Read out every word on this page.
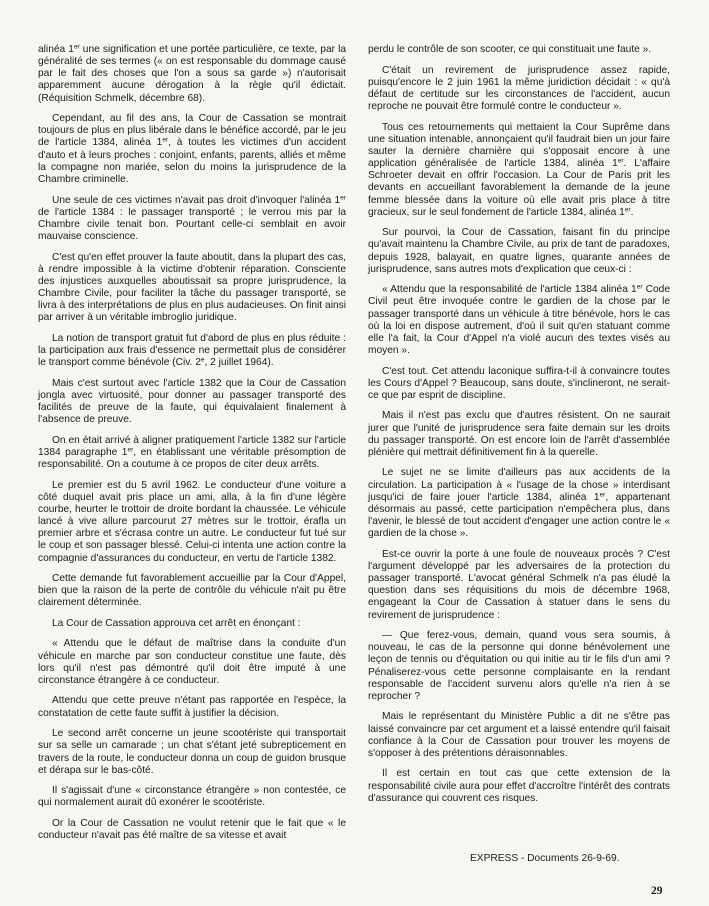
alinéa 1er une signification et une portée particulière, ce texte, par la généralité de ses termes (« on est responsable du dommage causé par le fait des choses que l'on a sous sa garde ») n'autorisait apparemment aucune dérogation à la règle qu'il édictait. (Réquisition Schmelk, décembre 68).

Cependant, au fil des ans, la Cour de Cassation se montrait toujours de plus en plus libérale dans le bénéfice accordé, par le jeu de l'article 1384, alinéa 1er, à toutes les victimes d'un accident d'auto et à leurs proches : conjoint, enfants, parents, alliés et même la compagne non mariée, selon du moins la jurisprudence de la Chambre criminelle.

Une seule de ces victimes n'avait pas droit d'invoquer l'alinéa 1er de l'article 1384 : le passager transporté ; le verrou mis par la Chambre civile tenait bon. Pourtant celle-ci semblait en avoir mauvaise conscience.

C'est qu'en effet prouver la faute aboutit, dans la plupart des cas, à rendre impossible à la victime d'obtenir réparation. Consciente des injustices auxquelles aboutissait sa propre jurisprudence, la Chambre Civile, pour faciliter la tâche du passager transporté, se livra à des interprétations de plus en plus audacieuses. On finit ainsi par arriver à un véritable imbroglio juridique.

La notion de transport gratuit fut d'abord de plus en plus réduite : la participation aux frais d'essence ne permettait plus de considérer le transport comme bénévole (Civ. 2e, 2 juillet 1964).

Mais c'est surtout avec l'article 1382 que la Cour de Cassation jongla avec virtuosité, pour donner au passager transporté des facilités de preuve de la faute, qui équivalaient finalement à l'absence de preuve.

On en était arrivé à aligner pratiquement l'article 1382 sur l'article 1384 paragraphe 1er, en établissant une véritable présomption de responsabilité. On a coutume à ce propos de citer deux arrêts.

Le premier est du 5 avril 1962. Le conducteur d'une voiture a côté duquel avait pris place un ami, alla, à la fin d'une légère courbe, heurter le trottoir de droite bordant la chaussée. Le véhicule lancé à vive allure parcourut 27 mètres sur le trottoir, érafla un premier arbre et s'écrasa contre un autre. Le conducteur fut tué sur le coup et son passager blessé. Celui-ci intenta une action contre la compagnie d'assurances du conducteur, en vertu de l'article 1382.

Cette demande fut favorablement accueillie par la Cour d'Appel, bien que la raison de la perte de contrôle du véhicule n'ait pu être clairement déterminée.

La Cour de Cassation approuva cet arrêt en énonçant :

« Attendu que le défaut de maîtrise dans la conduite d'un véhicule en marche par son conducteur constitue une faute, dès lors qu'il n'est pas démontré qu'il doit être imputé à une circonstance étrangère à ce conducteur.

Attendu que cette preuve n'étant pas rapportée en l'espèce, la constatation de cette faute suffit à justifier la décision.

Le second arrêt concerne un jeune scootériste qui transportait sur sa selle un camarade ; un chat s'étant jeté subrepticement en travers de la route, le conducteur donna un coup de guidon brusque et dérapa sur le bas-côté.

Il s'agissait d'une « circonstance étrangère » non contestée, ce qui normalement aurait dû exonérer le scootériste.

Or la Cour de Cassation ne voulut retenir que le fait que « le conducteur n'avait pas été maître de sa vitesse et avait

perdu le contrôle de son scooter, ce qui constituait une faute ».

C'était un revirement de jurisprudence assez rapide, puisqu'encore le 2 juin 1961 la même juridiction décidait : « qu'à défaut de certitude sur les circonstances de l'accident, aucun reproche ne pouvait être formulé contre le conducteur ».

Tous ces retournements qui mettaient la Cour Suprême dans une situation intenable, annonçaient qu'il faudrait bien un jour faire sauter la dernière charnière qui s'opposait encore à une application généralisée de l'article 1384, alinéa 1er. L'affaire Schroeter devait en offrir l'occasion. La Cour de Paris prit les devants en accueillant favorablement la demande de la jeune femme blessée dans la voiture où elle avait pris place à titre gracieux, sur le seul fondement de l'article 1384, alinéa 1er.

Sur pourvoi, la Cour de Cassation, faisant fin du principe qu'avait maintenu la Chambre Civile, au prix de tant de paradoxes, depuis 1928, balayait, en quatre lignes, quarante années de jurisprudence, sans autres mots d'explication que ceux-ci :

« Attendu que la responsabilité de l'article 1384 alinéa 1er Code Civil peut être invoquée contre le gardien de la chose par le passager transporté dans un véhicule à titre bénévole, hors le cas où la loi en dispose autrement, d'où il suit qu'en statuant comme elle l'a fait, la Cour d'Appel n'a violé aucun des textes visés au moyen ».

C'est tout. Cet attendu laconique suffira-t-il à convaincre toutes les Cours d'Appel ? Beaucoup, sans doute, s'inclineront, ne serait-ce que par esprit de discipline.

Mais il n'est pas exclu que d'autres résistent. On ne saurait jurer que l'unité de jurisprudence sera faite demain sur les droits du passager transporté. On est encore loin de l'arrêt d'assemblée plénière qui mettrait définitivement fin à la querelle.

Le sujet ne se limite d'ailleurs pas aux accidents de la circulation. La participation à « l'usage de la chose » interdisant jusqu'ici de faire jouer l'article 1384, alinéa 1er, appartenant désormais au passé, cette participation n'empêchera plus, dans l'avenir, le blessé de tout accident d'engager une action contre le « gardien de la chose ».

Est-ce ouvrir la porte à une foule de nouveaux procès ? C'est l'argument développé par les adversaires de la protection du passager transporté. L'avocat général Schmelk n'a pas éludé la question dans ses réquisitions du mois de décembre 1968, engageant la Cour de Cassation à statuer dans le sens du revirement de jurisprudence :

— Que ferez-vous, demain, quand vous sera soumis, à nouveau, le cas de la personne qui donne bénévolement une leçon de tennis ou d'équitation ou qui initie au tir le fils d'un ami ? Pénaliserez-vous cette personne complaisante en la rendant responsable de l'accident survenu alors qu'elle n'a rien à se reprocher ?

Mais le représentant du Ministère Public a dit ne s'être pas laissé convaincre par cet argument et a laissé entendre qu'il faisait confiance à la Cour de Cassation pour trouver les moyens de s'opposer à des prétentions déraisonnables.

Il est certain en tout cas que cette extension de la responsabilité civile aura pour effet d'accroître l'intérêt des contrats d'assurance qui couvrent ces risques.

EXPRESS - Documents 26-9-69.
29
